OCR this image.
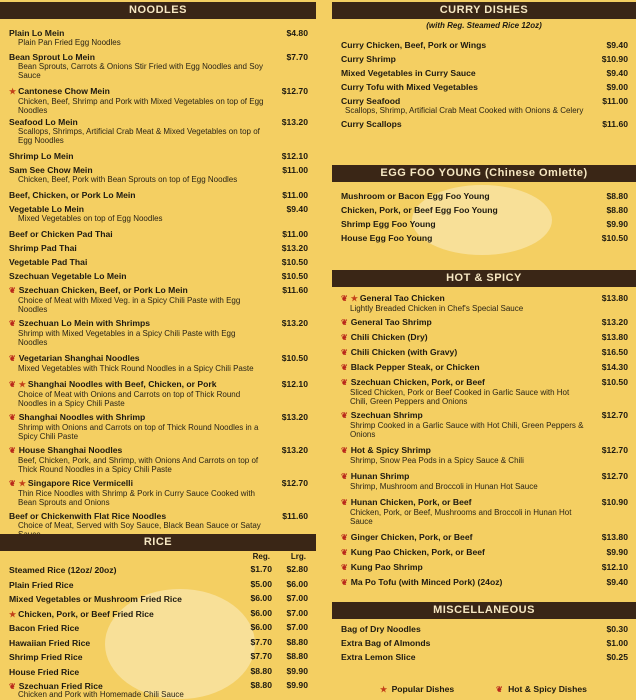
NOODLES
Plain Lo Mein	$4.80
Plain Pan Fried Egg Noodles
Bean Sprout Lo Mein	$7.70
Bean Sprouts, Carrots & Onions Stir Fried with Egg Noodles and Soy Sauce
★ Cantonese Chow Mein	$12.70
Chicken, Beef, Shrimp and Pork with Mixed Vegetables on top of Egg Noodles
Seafood Lo Mein	$13.20
Scallops, Shrimps, Artificial Crab Meat & Mixed Vegetables on top of Egg Noodles
Shrimp Lo Mein	$12.10
Sam See Chow Mein	$11.00
Chicken, Beef, Pork with Bean Sprouts on top of Egg Noodles
Beef, Chicken, or Pork Lo Mein	$11.00
Vegetable Lo Mein	$9.40
Mixed Vegetables on top of Egg Noodles
Beef or Chicken Pad Thai	$11.00
Shrimp Pad Thai	$13.20
Vegetable Pad Thai	$10.50
Szechuan Vegetable Lo Mein	$10.50
❦ Szechuan Chicken, Beef, or Pork Lo Mein	$11.60
Choice of Meat with Mixed Veg. in a Spicy Chili Paste with Egg Noodles
❦ Szechuan Lo Mein with Shrimps	$13.20
Shrimp with Mixed Vegetables in a Spicy Chili Paste with Egg Noodles
❦ Vegetarian Shanghai Noodles	$10.50
Mixed Vegetables with Thick Round Noodles in a Spicy Chili Paste
❦ ★ Shanghai Noodles with Beef, Chicken, or Pork	$12.10
Choice of Meat with Onions and Carrots on top of Thick Round Noodles in a Spicy Chili Paste
❦ Shanghai Noodles with Shrimp	$13.20
Shrimp with Onions and Carrots on top of Thick Round Noodles in a Spicy Chili Paste
❦ House Shanghai Noodles	$13.20
Beef, Chicken, Pork, and Shrimp, with Onions And Carrots on top of Thick Round Noodles in a Spicy Chili Paste
❦ ★ Singapore Rice Vermicelli	$12.70
Thin Rice Noodles with Shrimp & Pork in Curry Sauce Cooked with Bean Sprouts and Onions
Beef or Chickenwith Flat Rice Noodles	$11.60
Choice of Meat, Served with Soy Sauce, Black Bean Sauce or Satay
RICE
Reg.	Lrg.
Steamed Rice (12oz/ 20oz)	$1.70 $2.80
Plain Fried Rice	$5.00 $6.00
Mixed Vegetables or Mushroom Fried Rice	$6.00 $7.00
★ Chicken, Pork, or Beef Fried Rice	$6.00 $7.00
Bacon Fried Rice	$6.00 $7.00
Hawaiian Fried Rice	$7.70 $8.80
Shrimp Fried Rice	$7.70 $8.80
House Fried Rice	$8.80 $9.90
❦ Szechuan Fried Rice	$8.80 $9.90
Chicken and Pork with Homemade Chili Sauce
CURRY DISHES
(with Reg. Steamed Rice 12oz)
Curry Chicken, Beef, Pork or Wings	$9.40
Curry Shrimp	$10.90
Mixed Vegetables in Curry Sauce	$9.40
Curry Tofu with Mixed Vegetables	$9.00
Curry Seafood	$11.00
Scallops, Shrimp, Artificial Crab Meat Cooked with Onions & Celery
Curry Scallops	$11.60
EGG FOO YOUNG (Chinese Omlette)
Mushroom or Bacon Egg Foo Young	$8.80
Chicken, Pork, or Beef Egg Foo Young	$8.80
Shrimp Egg Foo Young	$9.90
House Egg Foo Young	$10.50
HOT & SPICY
❦ ★ General Tao Chicken	$13.80
Lightly Breaded Chicken in Chef's Special Sauce
❦ General Tao Shrimp	$13.20
❦ Chili Chicken (Dry)	$13.80
❦ Chili Chicken (with Gravy)	$16.50
❦ Black Pepper Steak, or Chicken	$14.30
❦ Szechuan Chicken, Pork, or Beef	$10.50
Sliced Chicken, Pork or Beef Cooked in Garlic Sauce with Hot Chili, Green Peppers and Onions
❦ Szechuan Shrimp	$12.70
Shrimp Cooked in a Garlic Sauce with Hot Chili, Green Peppers & Onions
❦ Hot & Spicy Shrimp	$12.70
Shrimp, Snow Pea Pods in a Spicy Sauce & Chili
❦ Hunan Shrimp	$12.70
Shrimp, Mushroom and Broccoli in Hunan Hot Sauce
❦ Hunan Chicken, Pork, or Beef	$10.90
Chicken, Pork, or Beef, Mushrooms and Broccoli in Hunan Hot Sauce
❦ Ginger Chicken, Pork, or Beef	$13.80
❦ Kung Pao Chicken, Pork, or Beef	$9.90
❦ Kung Pao Shrimp	$12.10
❦ Ma Po Tofu (with Minced Pork) (24oz)	$9.40
MISCELLANEOUS
Bag of Dry Noodles	$0.30
Extra Bag of Almonds	$1.00
Extra Lemon Slice	$0.25
★ Popular Dishes	❦ Hot & Spicy Dishes
